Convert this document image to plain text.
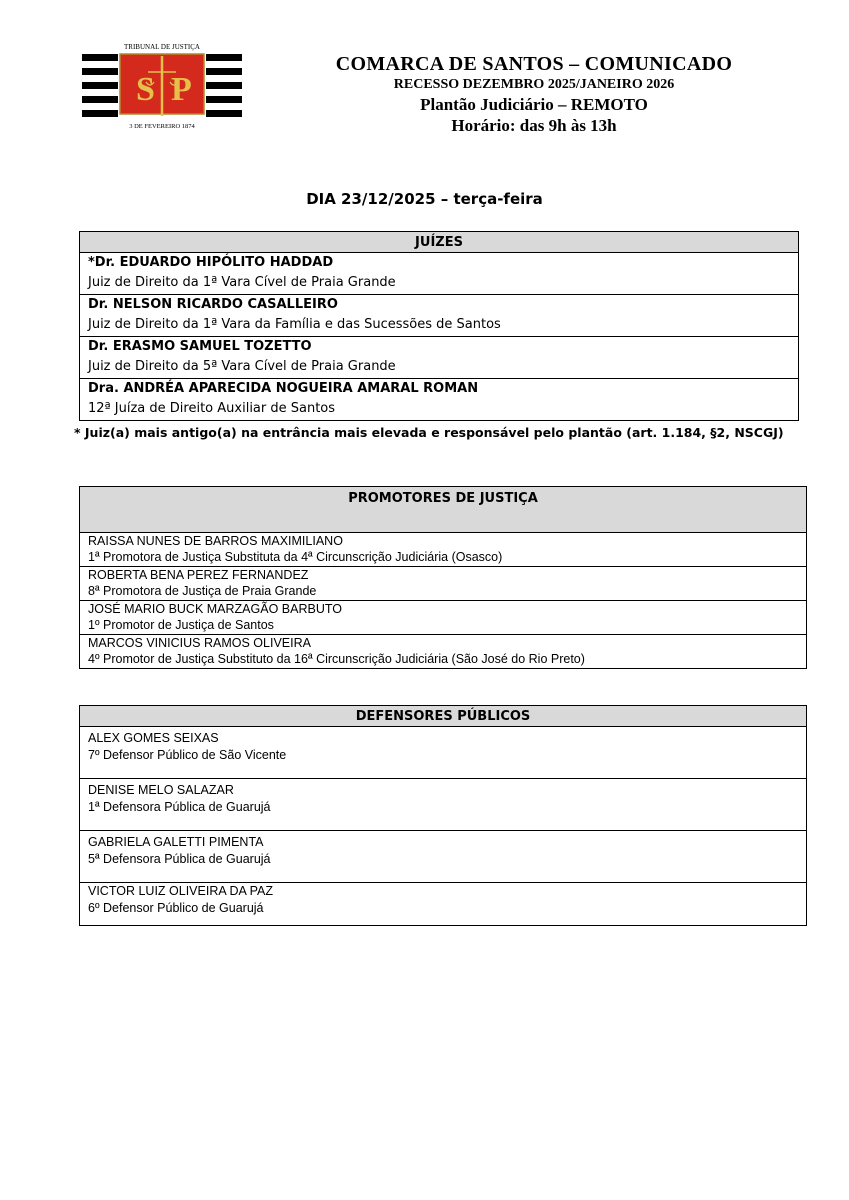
S P
TRIBUNAL DE JUSTIÇA
3 DE FEVEREIRO 1874
COMARCA DE SANTOS – COMUNICADO
RECESSO DEZEMBRO 2025/JANEIRO 2026
Plantão Judiciário – REMOTO
Horário: das 9h às 13h
DIA 23/12/2025 – terça-feira
JUÍZES

*Dr. EDUARDO HIPÓLITO HADDAD
Juiz de Direito da 1ª Vara Cível de Praia Grande

Dr. NELSON RICARDO CASALLEIRO
Juiz de Direito da 1ª Vara da Família e das Sucessões de Santos

Dr. ERASMO SAMUEL TOZETTO
Juiz de Direito da 5ª Vara Cível de Praia Grande

Dra. ANDRÉA APARECIDA NOGUEIRA AMARAL ROMAN
12ª Juíza de Direito Auxiliar de Santos
* Juiz(a) mais antigo(a) na entrância mais elevada e responsável pelo plantão (art. 1.184, §2, NSCGJ)
PROMOTORES DE JUSTIÇA

RAISSA NUNES DE BARROS MAXIMILIANO
1ª Promotora de Justiça Substituta da 4ª Circunscrição Judiciária (Osasco)

ROBERTA BENA PEREZ FERNANDEZ
8ª Promotora de Justiça de Praia Grande

JOSÉ MARIO BUCK MARZAGÃO BARBUTO
1º Promotor de Justiça de Santos

MARCOS VINICIUS RAMOS OLIVEIRA
4º Promotor de Justiça Substituto da 16ª Circunscrição Judiciária (São José do Rio Preto)
DEFENSORES PÚBLICOS

ALEX GOMES SEIXAS
7º Defensor Público de São Vicente

DENISE MELO SALAZAR
1ª Defensora Pública de Guarujá

GABRIELA GALETTI PIMENTA
5ª Defensora Pública de Guarujá

VICTOR LUIZ OLIVEIRA DA PAZ
6º Defensor Público de Guarujá
